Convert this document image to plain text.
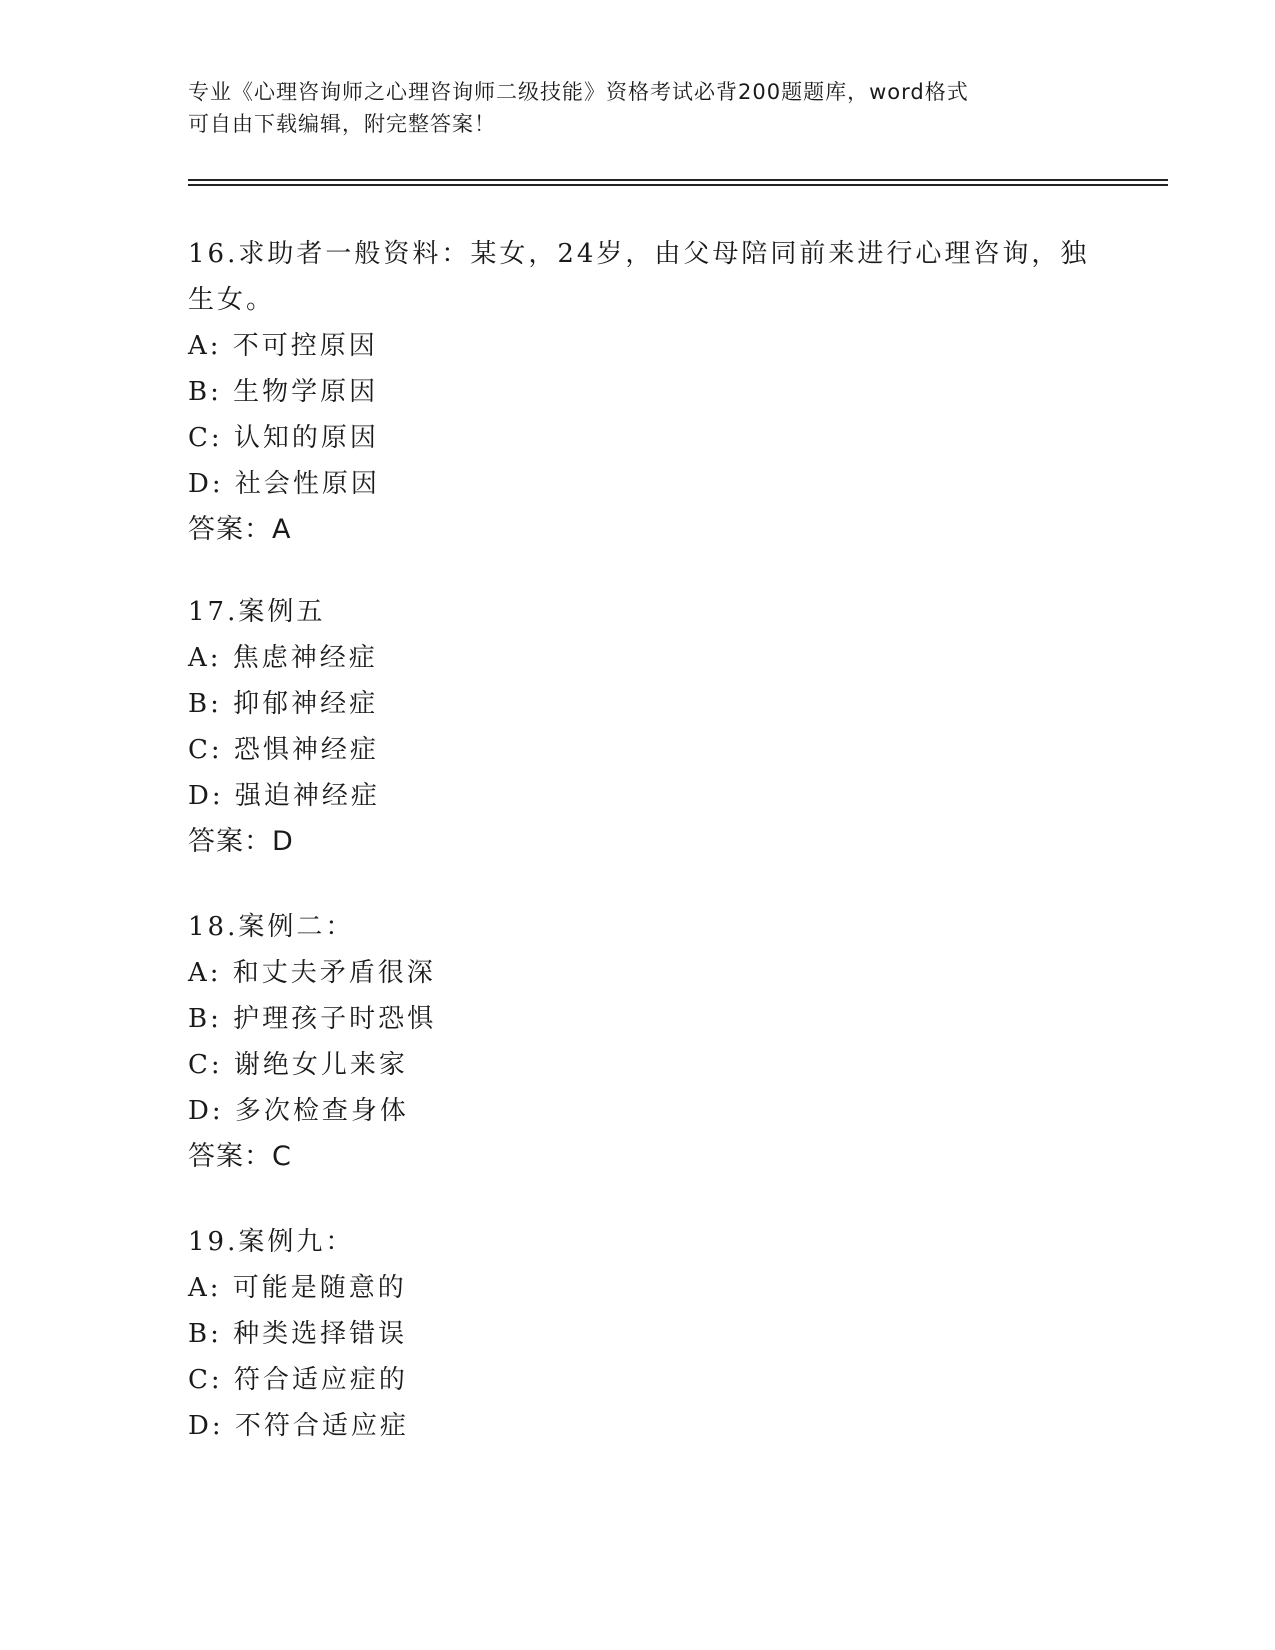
专业《心理咨询师之心理咨询师二级技能》资格考试必背200题题库，word格式
可自由下载编辑，附完整答案！
16.求助者一般资料：某女，24岁，由父母陪同前来进行心理咨询，独生女。
A: 不可控原因
B: 生物学原因
C: 认知的原因
D: 社会性原因
答案：A
17.案例五
A: 焦虑神经症
B: 抑郁神经症
C: 恐惧神经症
D: 强迫神经症
答案：D
18.案例二：
A: 和丈夫矛盾很深
B: 护理孩子时恐惧
C: 谢绝女儿来家
D: 多次检查身体
答案：C
19.案例九：
A: 可能是随意的
B: 种类选择错误
C: 符合适应症的
D: 不符合适应症
